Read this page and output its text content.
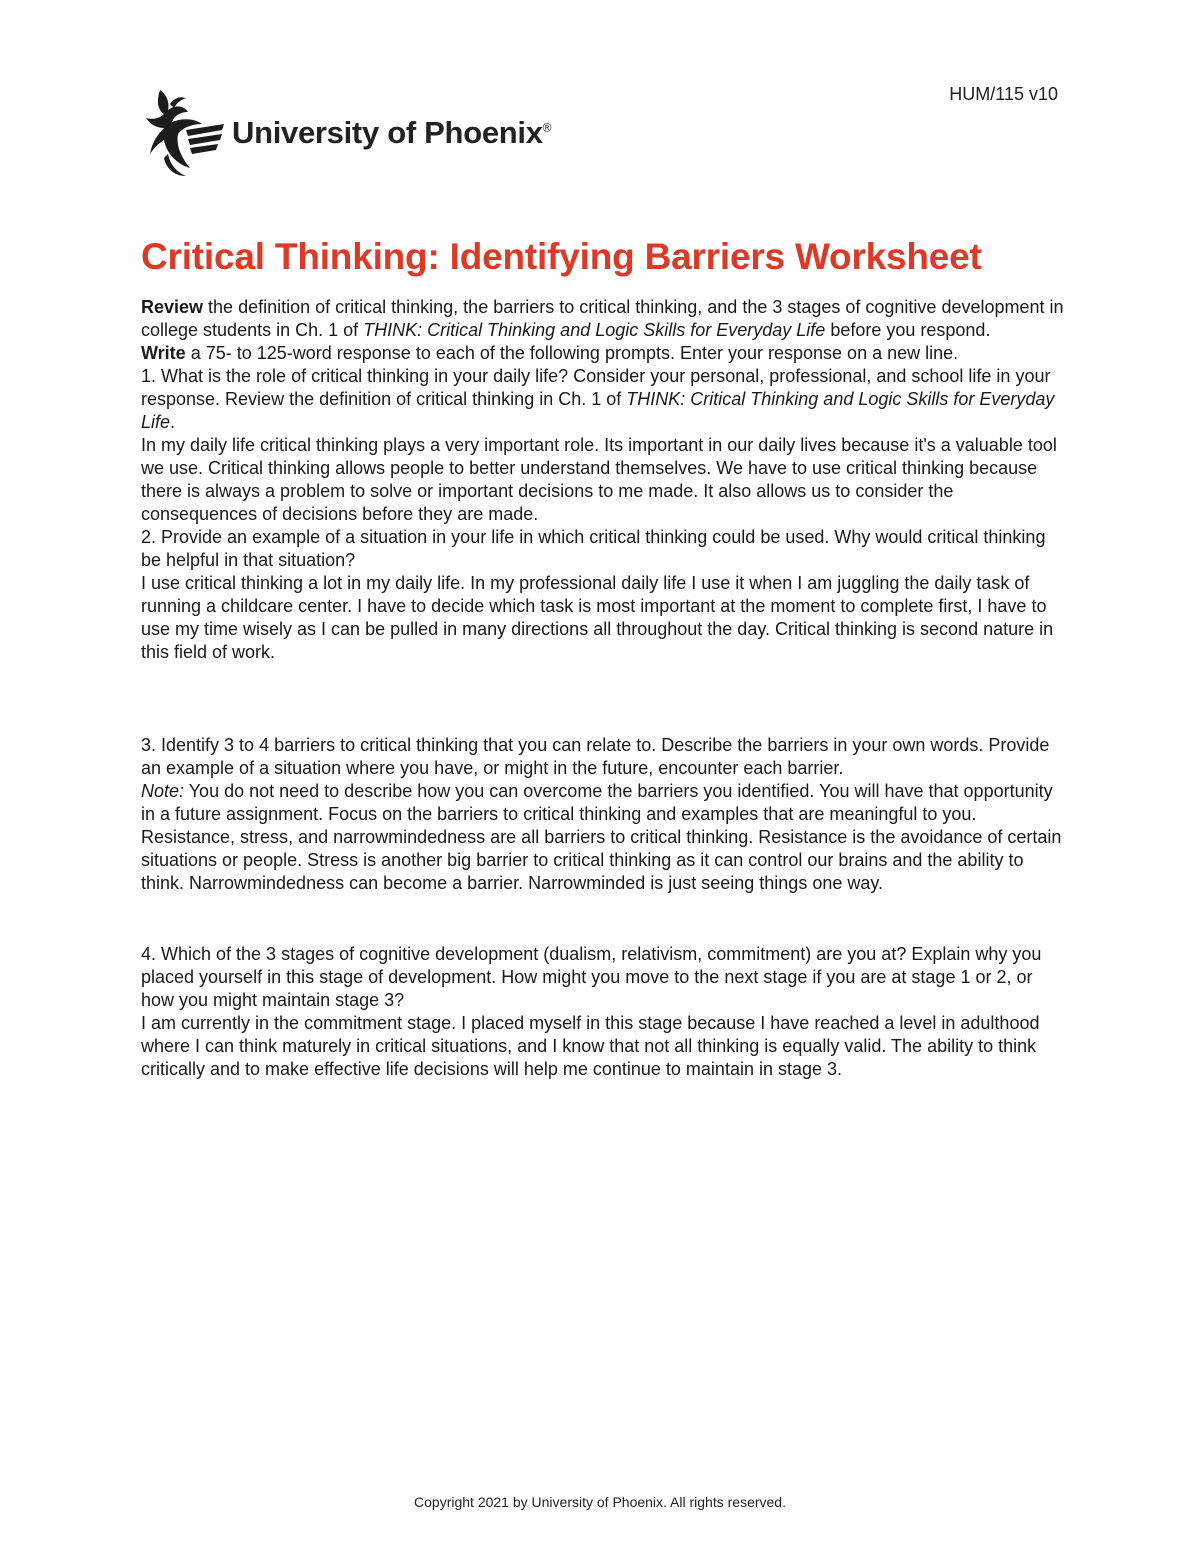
HUM/115 v10
University of Phoenix®
Critical Thinking: Identifying Barriers Worksheet

Review the definition of critical thinking, the barriers to critical thinking, and the 3 stages of cognitive development in college students in Ch. 1 of THINK: Critical Thinking and Logic Skills for Everyday Life before you respond.

Write a 75- to 125-word response to each of the following prompts. Enter your response on a new line.

1. What is the role of critical thinking in your daily life? Consider your personal, professional, and school life in your response. Review the definition of critical thinking in Ch. 1 of THINK: Critical Thinking and Logic Skills for Everyday Life.

In my daily life critical thinking plays a very important role. Its important in our daily lives because it's a valuable tool we use. Critical thinking allows people to better understand themselves. We have to use critical thinking because there is always a problem to solve or important decisions to me made. It also allows us to consider the consequences of decisions before they are made.

2. Provide an example of a situation in your life in which critical thinking could be used. Why would critical thinking be helpful in that situation?

I use critical thinking a lot in my daily life. In my professional daily life I use it when I am juggling the daily task of running a childcare center. I have to decide which task is most important at the moment to complete first, I have to use my time wisely as I can be pulled in many directions all throughout the day. Critical thinking is second nature in this field of work.

3. Identify 3 to 4 barriers to critical thinking that you can relate to. Describe the barriers in your own words. Provide an example of a situation where you have, or might in the future, encounter each barrier.

Note: You do not need to describe how you can overcome the barriers you identified. You will have that opportunity in a future assignment. Focus on the barriers to critical thinking and examples that are meaningful to you.

Resistance, stress, and narrowmindedness are all barriers to critical thinking. Resistance is the avoidance of certain situations or people. Stress is another big barrier to critical thinking as it can control our brains and the ability to think. Narrowmindedness can become a barrier. Narrowminded is just seeing things one way.

4. Which of the 3 stages of cognitive development (dualism, relativism, commitment) are you at? Explain why you placed yourself in this stage of development. How might you move to the next stage if you are at stage 1 or 2, or how you might maintain stage 3?

I am currently in the commitment stage. I placed myself in this stage because I have reached a level in adulthood where I can think maturely in critical situations, and I know that not all thinking is equally valid. The ability to think critically and to make effective life decisions will help me continue to maintain in stage 3.

Copyright 2021 by University of Phoenix. All rights reserved.
